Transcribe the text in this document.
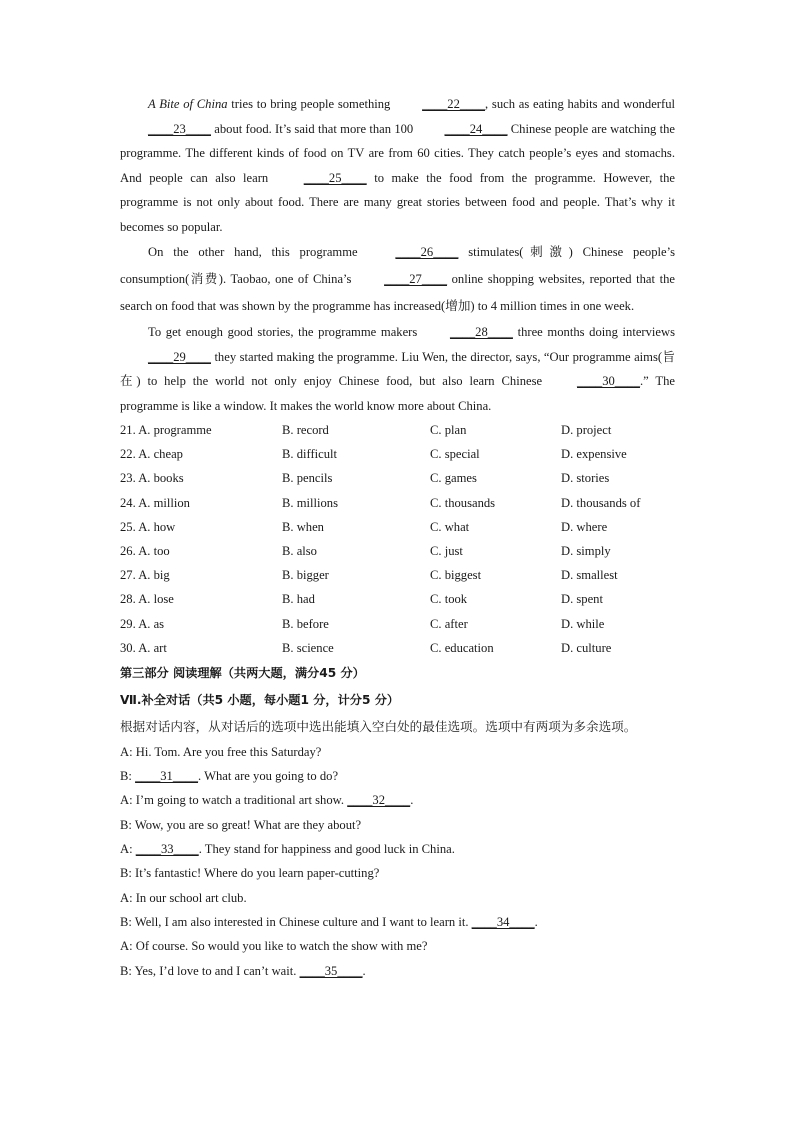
A Bite of China tries to bring people something ____22____, such as eating habits and wonderful ____23____ about food. It’s said that more than 100 ____24____ Chinese people are watching the programme. The different kinds of food on TV are from 60 cities. They catch people’s eyes and stomachs. And people can also learn ____25____ to make the food from the programme. However, the programme is not only about food. There are many great stories between food and people. That’s why it becomes so popular.

On the other hand, this programme ____26____ stimulates(刺激) Chinese people’s consumption(消费). Taobao, one of China’s ____27____ online shopping websites, reported that the search on food that was shown by the programme has increased(增加) to 4 million times in one week.

To get enough good stories, the programme makers ____28____ three months doing interviews ____29____ they started making the programme. Liu Wen, the director, says, “Our programme aims(旨在) to help the world not only enjoy Chinese food, but also learn Chinese ____30____.” The programme is like a window. It makes the world know more about China.

21. A. programme	B. record	C. plan	D. project
22. A. cheap	B. difficult	C. special	D. expensive
23. A. books	B. pencils	C. games	D. stories
24. A. million	B. millions	C. thousands	D. thousands of
25. A. how	B. when	C. what	D. where
26. A. too	B. also	C. just	D. simply
27. A. big	B. bigger	C. biggest	D. smallest
28. A. lose	B. had	C. took	D. spent
29. A. as	B. before	C. after	D. while
30. A. art	B. science	C. education	D. culture

第三部分 阅读理解（共两大题，满分45 分）

Ⅶ.补全对话（共5 小题，每小题1 分，计分5 分）

根据对话内容，从对话后的选项中选出能填入空白处的最佳选项。选项中有两项为多余选项。

A: Hi. Tom. Are you free this Saturday?

B: ____31____. What are you going to do?

A: I’m going to watch a traditional art show. ____32____.

B: Wow, you are so great! What are they about?

A: ____33____. They stand for happiness and good luck in China.

B: It’s fantastic! Where do you learn paper-cutting?

A: In our school art club.

B: Well, I am also interested in Chinese culture and I want to learn it. ____34____.

A: Of course. So would you like to watch the show with me?

B: Yes, I’d love to and I can’t wait. ____35____.
